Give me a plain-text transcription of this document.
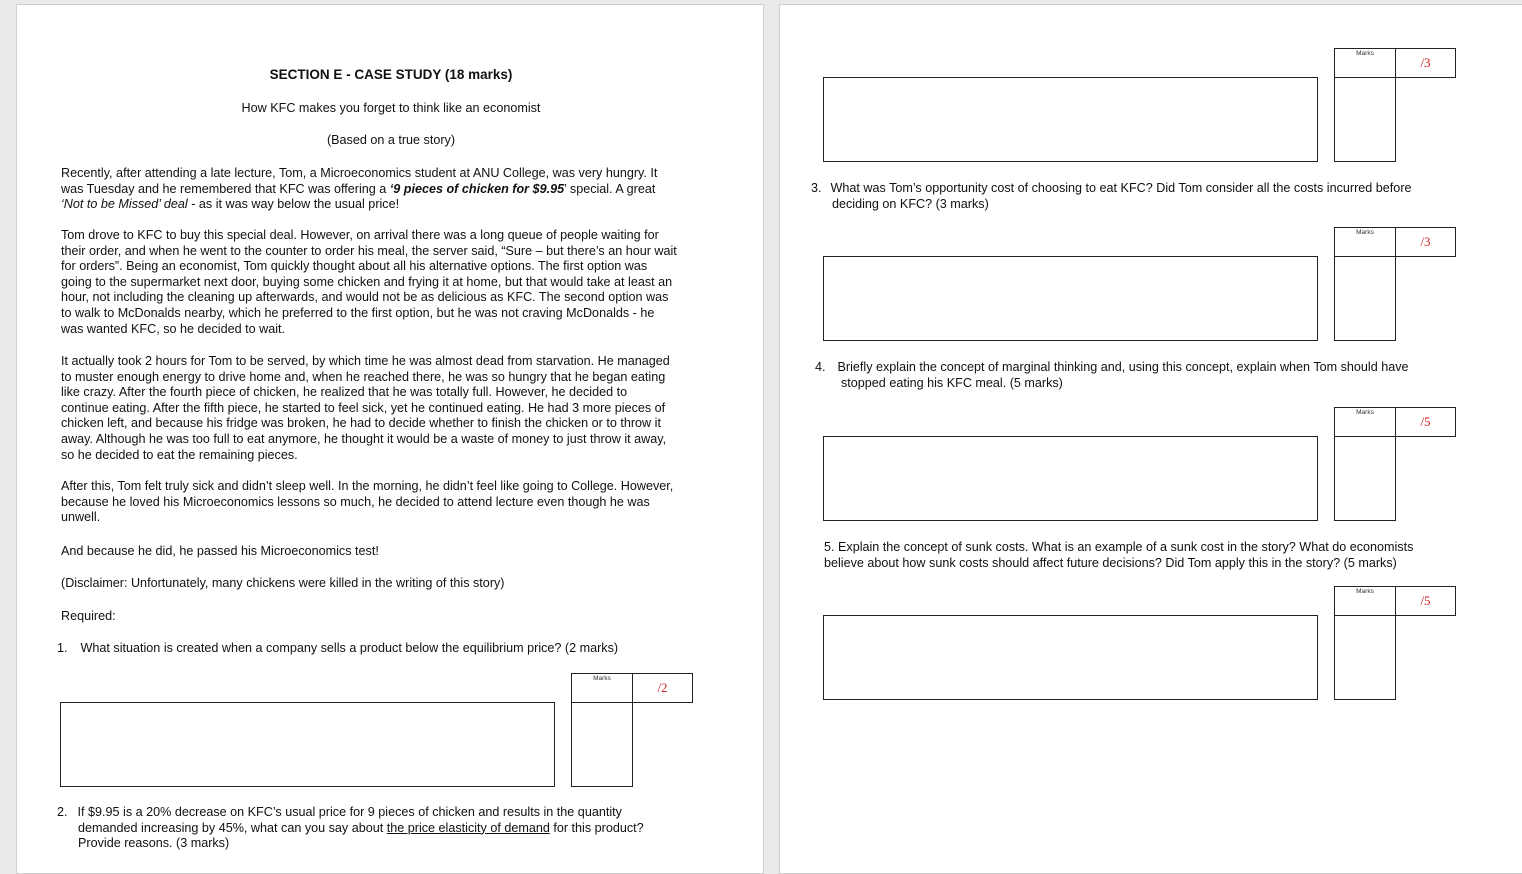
SECTION E - CASE STUDY (18 marks)
How KFC makes you forget to think like an economist
(Based on a true story)
Recently, after attending a late lecture, Tom, a Microeconomics student at ANU College, was very hungry. It
was Tuesday and he remembered that KFC was offering a ‘9 pieces of chicken for $9.95’ special. A great
‘Not to be Missed’ deal - as it was way below the usual price!
Tom drove to KFC to buy this special deal. However, on arrival there was a long queue of people waiting for
their order, and when he went to the counter to order his meal, the server said, “Sure – but there’s an hour wait
for orders”. Being an economist, Tom quickly thought about all his alternative options. The first option was
going to the supermarket next door, buying some chicken and frying it at home, but that would take at least an
hour, not including the cleaning up afterwards, and would not be as delicious as KFC. The second option was
to walk to McDonalds nearby, which he preferred to the first option, but he was not craving McDonalds - he
was wanted KFC, so he decided to wait.
It actually took 2 hours for Tom to be served, by which time he was almost dead from starvation. He managed
to muster enough energy to drive home and, when he reached there, he was so hungry that he began eating
like crazy. After the fourth piece of chicken, he realized that he was totally full. However, he decided to
continue eating. After the fifth piece, he started to feel sick, yet he continued eating. He had 3 more pieces of
chicken left, and because his fridge was broken, he had to decide whether to finish the chicken or to throw it
away. Although he was too full to eat anymore, he thought it would be a waste of money to just throw it away,
so he decided to eat the remaining pieces.
After this, Tom felt truly sick and didn’t sleep well. In the morning, he didn’t feel like going to College. However,
because he loved his Microeconomics lessons so much, he decided to attend lecture even though he was
unwell.
And because he did, he passed his Microeconomics test!
(Disclaimer: Unfortunately, many chickens were killed in the writing of this story)
Required:
1. What situation is created when a company sells a product below the equilibrium price? (2 marks)
Marks
/2
2. If $9.95 is a 20% decrease on KFC’s usual price for 9 pieces of chicken and results in the quantity
demanded increasing by 45%, what can you say about the price elasticity of demand for this product?
Provide reasons. (3 marks)
Marks
/3
3. What was Tom’s opportunity cost of choosing to eat KFC? Did Tom consider all the costs incurred before
deciding on KFC? (3 marks)
Marks
/3
4. Briefly explain the concept of marginal thinking and, using this concept, explain when Tom should have
stopped eating his KFC meal. (5 marks)
Marks
/5
5. Explain the concept of sunk costs. What is an example of a sunk cost in the story? What do economists
believe about how sunk costs should affect future decisions? Did Tom apply this in the story? (5 marks)
Marks
/5
